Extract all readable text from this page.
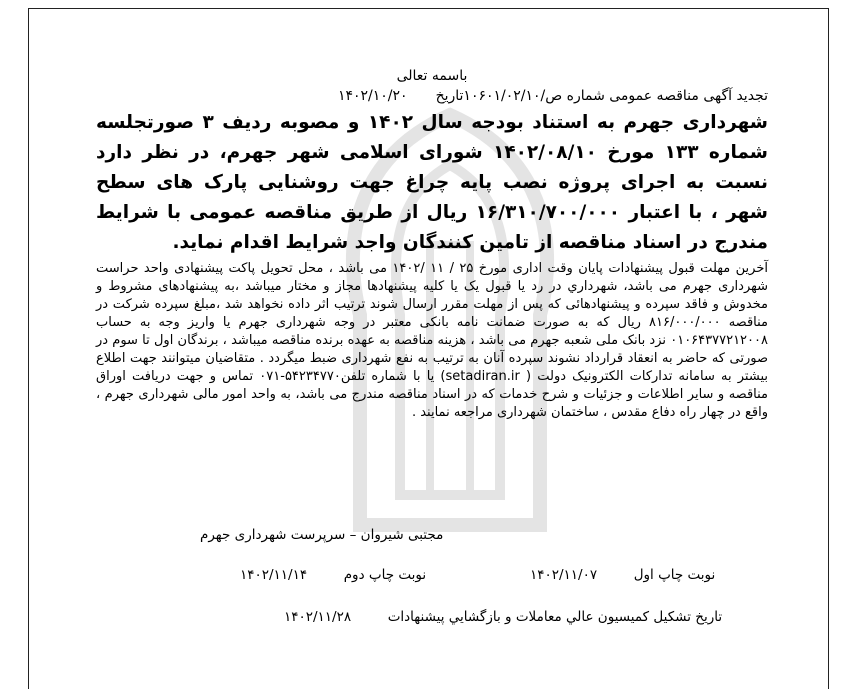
باسمه تعالی
تجدید آگهی مناقصه عمومی شماره ص/۱۰۶۰۱/۰۲/۱۰تاریخ۱۴۰۲/۱۰/۲۰
شهرداری جهرم به استناد بودجه سال ۱۴۰۲ و مصوبه ردیف ۳ صورتجلسه شماره ۱۳۳ مورخ ۱۴۰۲/۰۸/۱۰ شورای اسلامی شهر جهرم، در نظر دارد نسبت به اجرای پروژه نصب پایه چراغ جهت روشنایی پارک های سطح شهر ، با اعتبار ۱۶/۳۱۰/۷۰۰/۰۰۰ ریال از طریق مناقصه عمومی با شرایط مندرج در اسناد مناقصه از تامین کنندگان واجد شرایط اقدام نماید.
آخرین مهلت قبول پیشنهادات پایان وقت اداری مورخ ۲۵ / ۱۱ /۱۴۰۲ می باشد ، محل تحویل پاکت پیشنهادی واحد حراست شهرداری جهرم می باشد، شهرداري در رد یا قبول یک یا کلیه پیشنهادها مجاز و مختار میباشد ،به پیشنهادهای مشروط و مخدوش و فاقد سپرده و پیشنهادهائی که پس از مهلت مقرر ارسال شوند ترتیب اثر داده نخواهد شد ،مبلغ سپرده شرکت در مناقصه ۸۱۶/۰۰۰/۰۰۰ ریال که به صورت ضمانت نامه بانکی معتبر در وجه شهرداری جهرم یا واریز وجه به حساب ۰۱۰۶۴۳۷۷۲۱۲۰۰۸ نزد بانک ملی شعبه جهرم می باشد ، هزینه مناقصه به عهده برنده مناقصه میباشد ، برندگان اول تا سوم در صورتی که حاضر به انعقاد قرارداد نشوند سپرده آنان به ترتیب به نفع شهرداری ضبط میگردد . متقاضیان میتوانند جهت اطلاع بیشتر به سامانه تدارکات الکترونیک دولت ( setadiran.ir) یا با شماره تلفن۵۴۲۳۴۷۷۰-۰۷۱ تماس و جهت دریافت اوراق مناقصه و سایر اطلاعات و جزئیات و شرح خدمات که در اسناد مناقصه مندرج می باشد، به واحد امور مالی شهرداری جهرم ، واقع در چهار راه دفاع مقدس ، ساختمان شهرداری مراجعه نمایند .
مجتبی شیروان – سرپرست شهرداری جهرم
نوبت چاپ اول  ۱۴۰۲/۱۱/۰۷
نوبت چاپ دوم  ۱۴۰۲/۱۱/۱۴
تاريخ تشکيل کميسيون عالي معاملات و بازگشايي پيشنهادات  ۱۴۰۲/۱۱/۲۸
